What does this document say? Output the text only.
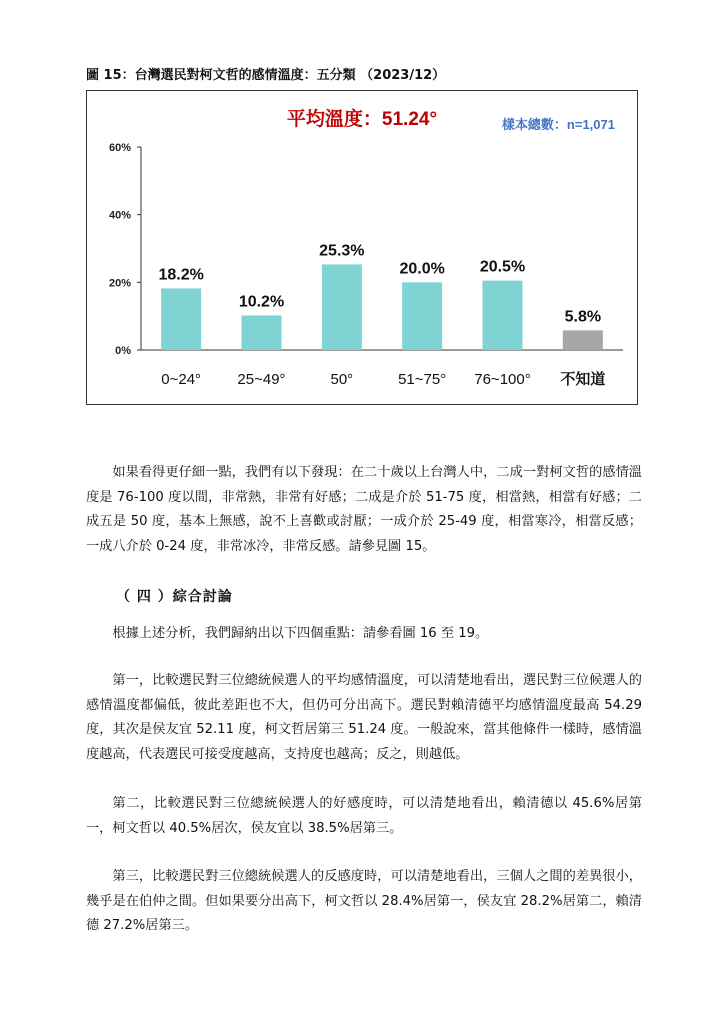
圖 15：台灣選民對柯文哲的感情溫度：五分類 （2023/12）
平均溫度：51.24°	樣本總數：n=1,071
0%
20%
40%
60%
18.2%
0~24°
10.2%
25~49°
25.3%
50°
20.0%
51~75°
20.5%
76~100°
5.8%
不知道

如果看得更仔細一點，我們有以下發現：在二十歲以上台灣人中，二成一對柯文哲的感情溫度是 76-100 度以間，非常熱，非常有好感；二成是介於 51-75 度，相當熱，相當有好感；二成五是 50 度，基本上無感，說不上喜歡或討厭；一成介於 25-49 度，相當寒冷，相當反感；一成八介於 0-24 度，非常冰冷，非常反感。請參見圖 15。

（ 四 ）綜合討論

根據上述分析，我們歸納出以下四個重點：請參看圖 16 至 19。

第一，比較選民對三位總統候選人的平均感情溫度，可以清楚地看出，選民對三位候選人的感情溫度都偏低，彼此差距也不大，但仍可分出高下。選民對賴清德平均感情溫度最高 54.29 度，其次是侯友宜 52.11 度，柯文哲居第三 51.24 度。一般說來，當其他條件一樣時，感情溫度越高，代表選民可接受度越高，支持度也越高；反之，則越低。

第二，比較選民對三位總統候選人的好感度時，可以清楚地看出，賴清德以 45.6%居第一，柯文哲以 40.5%居次，侯友宜以 38.5%居第三。

第三，比較選民對三位總統候選人的反感度時，可以清楚地看出，三個人之間的差異很小，幾乎是在伯仲之間。但如果要分出高下，柯文哲以 28.4%居第一，侯友宜 28.2%居第二，賴清德 27.2%居第三。
